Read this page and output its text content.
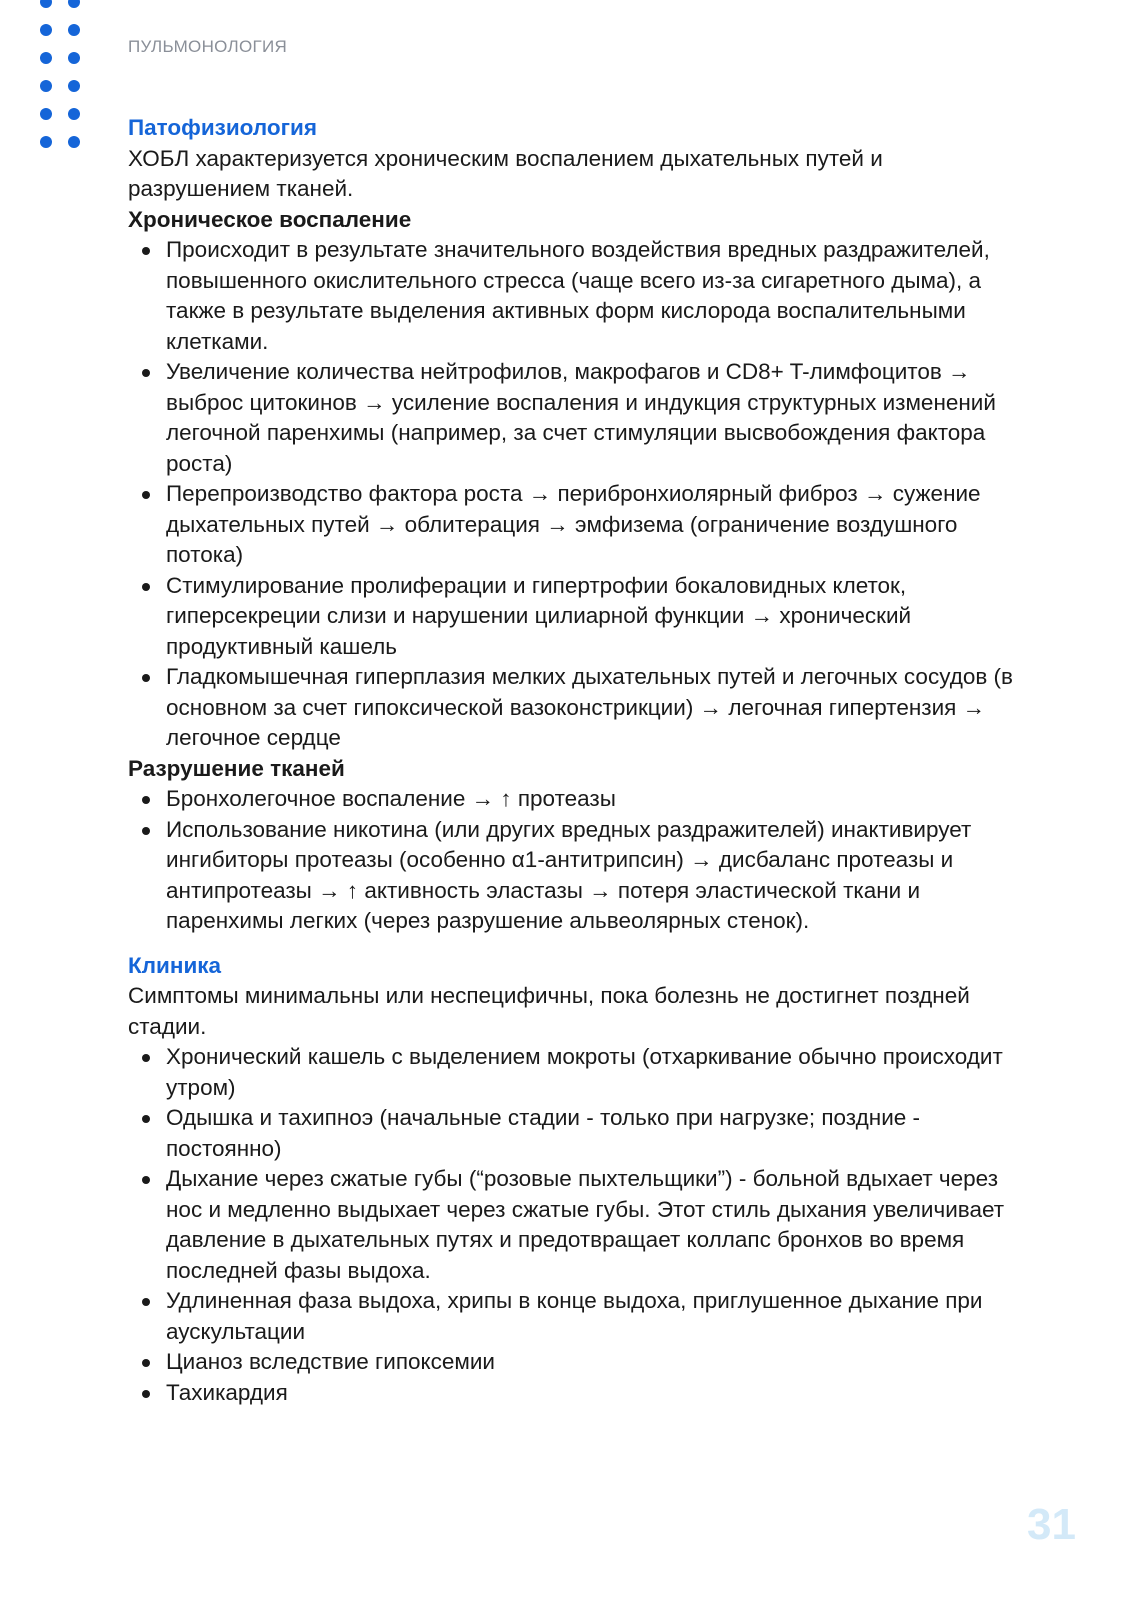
ПУЛЬМОНОЛОГИЯ

Патофизиология

ХОБЛ характеризуется хроническим воспалением дыхательных путей и разрушением тканей.

Хроническое воспаление

Происходит в результате значительного воздействия вредных раздражителей, повышенного окислительного стресса (чаще всего из-за сигаретного дыма), а также в результате выделения активных форм кислорода воспалительными клетками.
Увеличение количества нейтрофилов, макрофагов и CD8+ T-лимфоцитов → выброс цитокинов → усиление воспаления и индукция структурных изменений легочной паренхимы (например, за счет стимуляции высвобождения фактора роста)
Перепроизводство фактора роста → перибронхиолярный фиброз → сужение дыхательных путей → облитерация → эмфизема (ограничение воздушного потока)
Стимулирование пролиферации и гипертрофии бокаловидных клеток, гиперсекреции слизи и нарушении цилиарной функции → хронический продуктивный кашель
Гладкомышечная гиперплазия мелких дыхательных путей и легочных сосудов (в основном за счет гипоксической вазоконстрикции) → легочная гипертензия → легочное сердце

Разрушение тканей

Бронхолегочное воспаление → ↑ протеазы
Использование никотина (или других вредных раздражителей) инактивирует ингибиторы протеазы (особенно α1-антитрипсин) → дисбаланс протеазы и антипротеазы → ↑ активность эластазы → потеря эластической ткани и паренхимы легких (через разрушение альвеолярных стенок).

Клиника

Симптомы минимальны или неспецифичны, пока болезнь не достигнет поздней стадии.

Хронический кашель с выделением мокроты (отхаркивание обычно происходит утром)
Одышка и тахипноэ (начальные стадии - только при нагрузке; поздние - постоянно)
Дыхание через сжатые губы (“розовые пыхтельщики”) - больной вдыхает через нос и медленно выдыхает через сжатые губы. Этот стиль дыхания увеличивает давление в дыхательных путях и предотвращает коллапс бронхов во время последней фазы выдоха.
Удлиненная фаза выдоха, хрипы в конце выдоха, приглушенное дыхание при аускультации
Цианоз вследствие гипоксемии
Тахикардия
31
